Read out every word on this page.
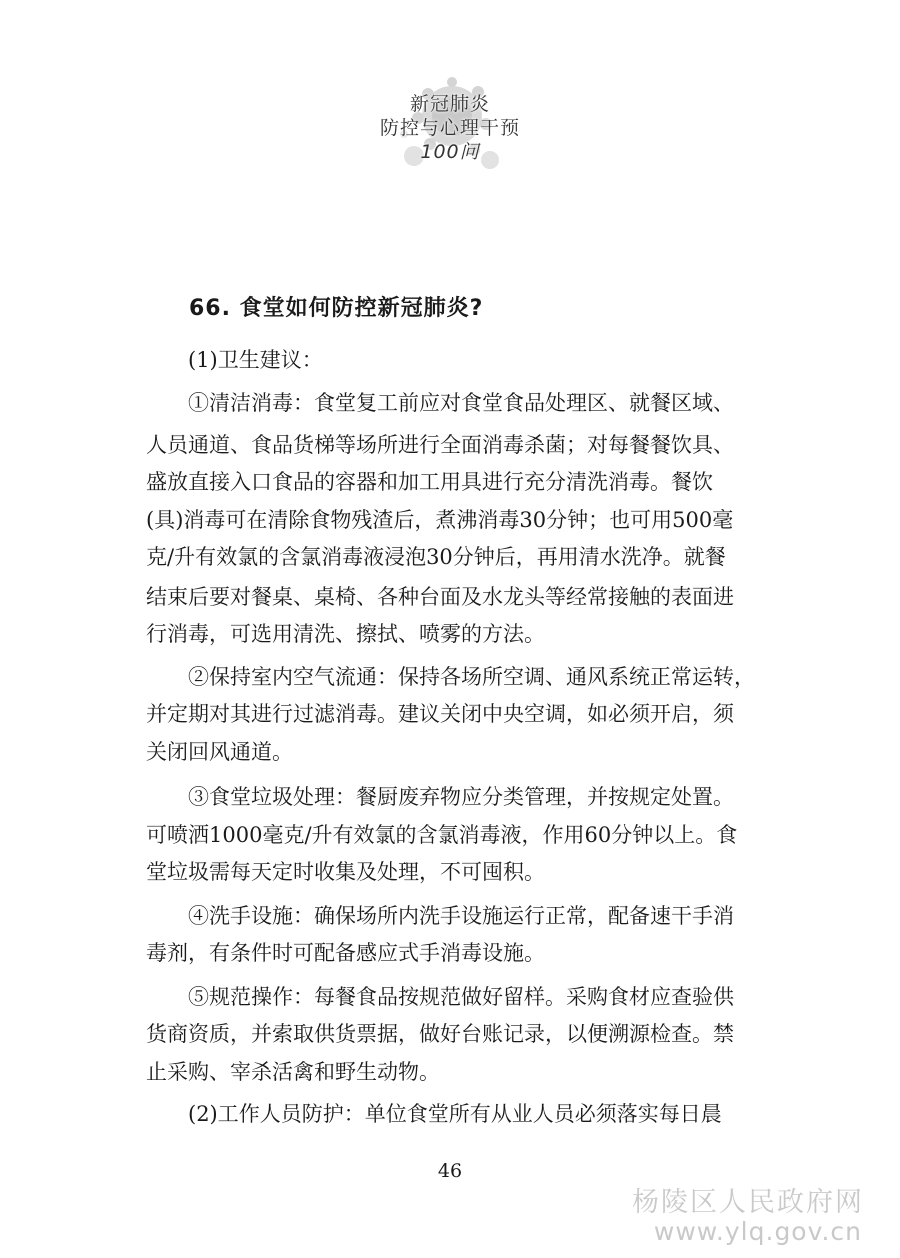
新冠肺炎
防控与心理干预
100问
66. 食堂如何防控新冠肺炎?
(1)卫生建议：
①清洁消毒：食堂复工前应对食堂食品处理区、就餐区域、
人员通道、食品货梯等场所进行全面消毒杀菌；对每餐餐饮具、
盛放直接入口食品的容器和加工用具进行充分清洗消毒。餐饮
(具)消毒可在清除食物残渣后，煮沸消毒30分钟；也可用500毫
克/升有效氯的含氯消毒液浸泡30分钟后，再用清水洗净。就餐
结束后要对餐桌、桌椅、各种台面及水龙头等经常接触的表面进
行消毒，可选用清洗、擦拭、喷雾的方法。
②保持室内空气流通：保持各场所空调、通风系统正常运转，
并定期对其进行过滤消毒。建议关闭中央空调，如必须开启，须
关闭回风通道。
③食堂垃圾处理：餐厨废弃物应分类管理，并按规定处置。
可喷洒1000毫克/升有效氯的含氯消毒液，作用60分钟以上。食
堂垃圾需每天定时收集及处理，不可囤积。
④洗手设施：确保场所内洗手设施运行正常，配备速干手消
毒剂，有条件时可配备感应式手消毒设施。
⑤规范操作：每餐食品按规范做好留样。采购食材应查验供
货商资质，并索取供货票据，做好台账记录，以便溯源检查。禁
止采购、宰杀活禽和野生动物。
(2)工作人员防护：单位食堂所有从业人员必须落实每日晨
46
杨陵区人民政府网
www.ylq.gov.cn
